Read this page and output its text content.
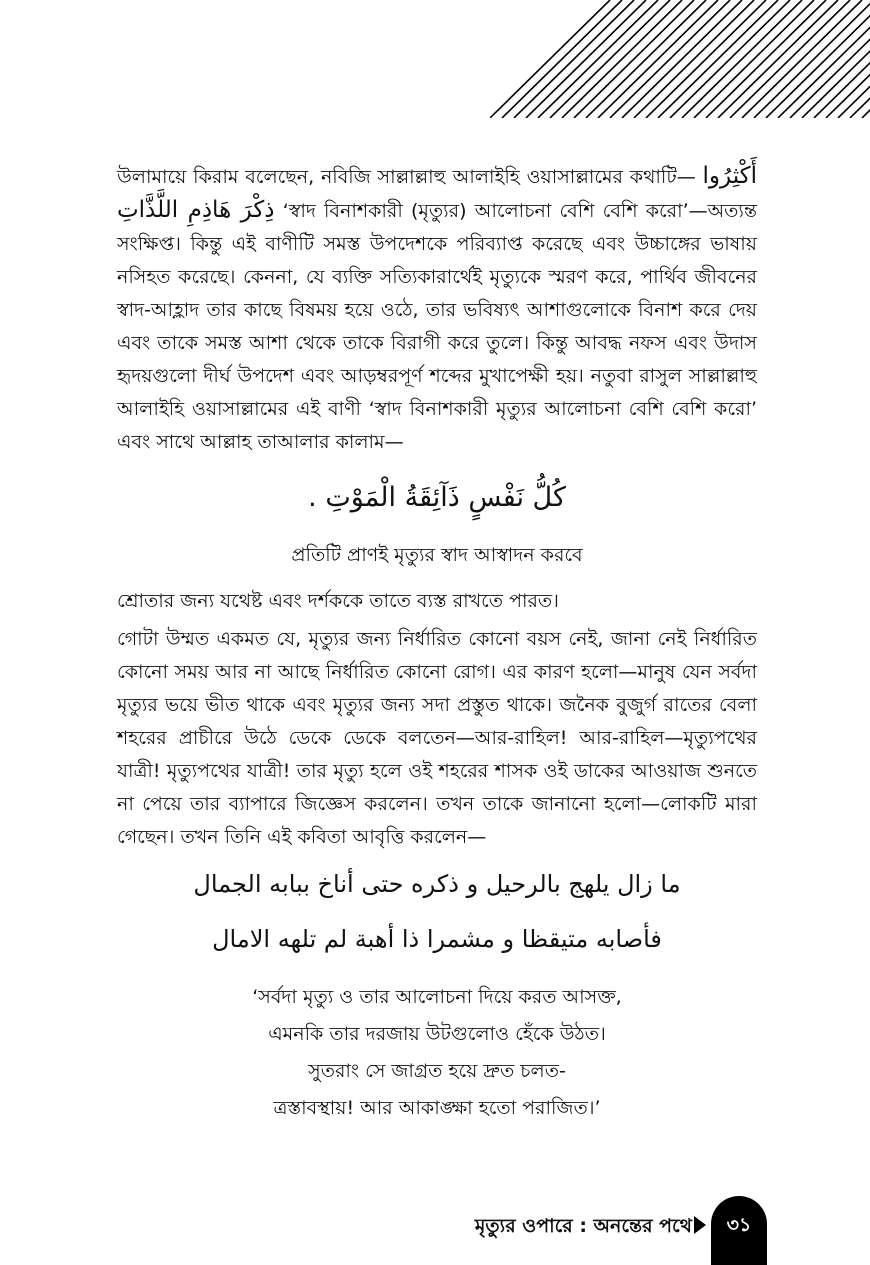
উলামায়ে কিরাম বলেছেন, নবিজি সাল্লাল্লাহু আলাইহি ওয়াসাল্লামের কথাটি— أَكْثِرُوا ذِكْرَ هَاذِمِ اللَّذَّاتِ ‘স্বাদ বিনাশকারী (মৃত্যুর) আলোচনা বেশি বেশি করো’—অত্যন্ত সংক্ষিপ্ত। কিন্তু এই বাণীটি সমস্ত উপদেশকে পরিব্যাপ্ত করেছে এবং উচ্চাঙ্গের ভাষায় নসিহত করেছে। কেননা, যে ব্যক্তি সত্যিকারার্থেই মৃত্যুকে স্মরণ করে, পার্থিব জীবনের স্বাদ-আহ্লাদ তার কাছে বিষময় হয়ে ওঠে, তার ভবিষ্যৎ আশাগুলোকে বিনাশ করে দেয় এবং তাকে সমস্ত আশা থেকে তাকে বিরাগী করে তুলে। কিন্তু আবদ্ধ নফস এবং উদাস হৃদয়গুলো দীর্ঘ উপদেশ এবং আড়ম্বরপূর্ণ শব্দের মুখাপেক্ষী হয়। নতুবা রাসুল সাল্লাল্লাহু আলাইহি ওয়াসাল্লামের এই বাণী ‘স্বাদ বিনাশকারী মৃত্যুর আলোচনা বেশি বেশি করো’ এবং সাথে আল্লাহ তাআলার কালাম—

كُلُّ نَفْسٍ ذَآئِقَةُ الْمَوْتِ .

প্রতিটি প্রাণই মৃত্যুর স্বাদ আস্বাদন করবে

শ্রোতার জন্য যথেষ্ট এবং দর্শককে তাতে ব্যস্ত রাখতে পারত।

গোটা উম্মত একমত যে, মৃত্যুর জন্য নির্ধারিত কোনো বয়স নেই, জানা নেই নির্ধারিত কোনো সময় আর না আছে নির্ধারিত কোনো রোগ। এর কারণ হলো—মানুষ যেন সর্বদা মৃত্যুর ভয়ে ভীত থাকে এবং মৃত্যুর জন্য সদা প্রস্তুত থাকে। জনৈক বুজুর্গ রাতের বেলা শহরের প্রাচীরে উঠে ডেকে ডেকে বলতেন—আর-রাহিল! আর-রাহিল—মৃত্যুপথের যাত্রী! মৃত্যুপথের যাত্রী! তার মৃত্যু হলে ওই শহরের শাসক ওই ডাকের আওয়াজ শুনতে না পেয়ে তার ব্যাপারে জিজ্ঞেস করলেন। তখন তাকে জানানো হলো—লোকটি মারা গেছেন। তখন তিনি এই কবিতা আবৃত্তি করলেন—

ما زال يلهج بالرحيل و ذكره حتى أناخ ببابه الجمال

فأصابه متيقظا و مشمرا ذا أهبة لم تلهه الامال

‘সর্বদা মৃত্যু ও তার আলোচনা দিয়ে করত আসক্ত,

এমনকি তার দরজায় উটগুলোও হেঁকে উঠত।

সুতরাং সে জাগ্রত হয়ে দ্রুত চলত-

ত্রস্তাবস্থায়! আর আকাঙ্ক্ষা হতো পরাজিত।’

মৃত্যুর ওপারে : অনন্তের পথে	৩১
